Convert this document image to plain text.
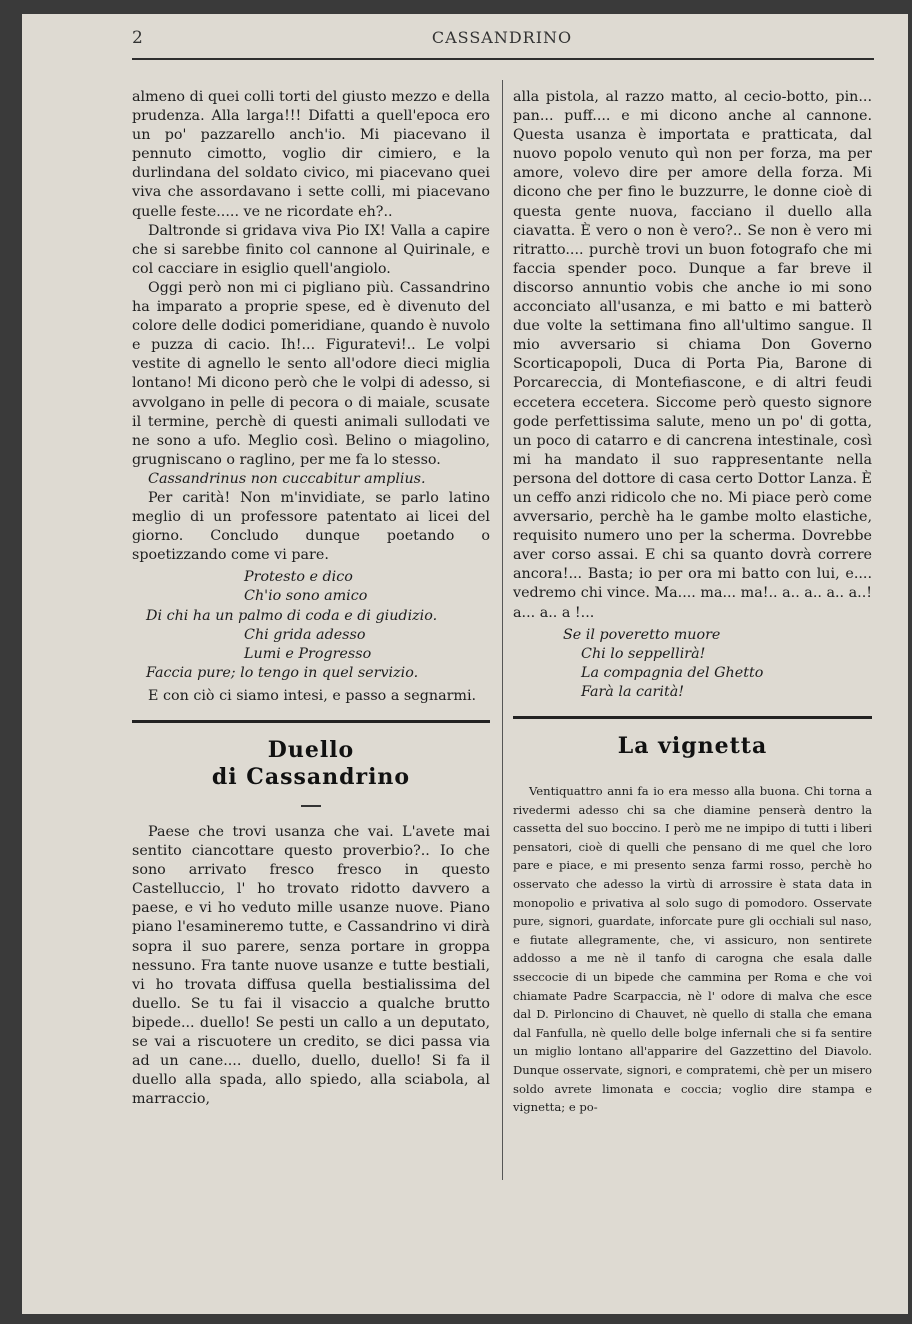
2	CASSANDRINO

almeno di quei colli torti del giusto mezzo e della prudenza. Alla larga!!! Difatti a quell'epoca ero un po' pazzarello anch'io. Mi piacevano il pennuto cimotto, voglio dir cimiero, e la durlindana del soldato civico, mi piacevano quei viva che assordavano i sette colli, mi piacevano quelle feste..... ve ne ricordate eh?..

Daltronde si gridava viva Pio IX! Valla a capire che si sarebbe finito col cannone al Quirinale, e col cacciare in esiglio quell'angiolo.

Oggi però non mi ci pigliano più. Cassandrino ha imparato a proprie spese, ed è divenuto del colore delle dodici pomeridiane, quando è nuvolo e puzza di cacio. Ih!... Figuratevi!.. Le volpi vestite di agnello le sento all'odore dieci miglia lontano! Mi dicono però che le volpi di adesso, si avvolgano in pelle di pecora o di maiale, scusate il termine, perchè di questi animali sullodati ve ne sono a ufo. Meglio così. Belino o miagolino, grugniscano o raglino, per me fa lo stesso.

Cassandrinus non cuccabitur amplius.

Per carità! Non m'invidiate, se parlo latino meglio di un professore patentato ai licei del giorno. Concludo dunque poetando o spoetizzando come vi pare.

Protesto e dico
Ch'io sono amico
Di chi ha un palmo di coda e di giudizio.
Chi grida adesso
Lumi e Progresso
Faccia pure; lo tengo in quel servizio.

E con ciò ci siamo intesi, e passo a segnarmi.

Duello
di Cassandrino

Paese che trovi usanza che vai. L'avete mai sentito ciancottare questo proverbio?.. Io che sono arrivato fresco fresco in questo Castelluccio, l' ho trovato ridotto davvero a paese, e vi ho veduto mille usanze nuove. Piano piano l'esamineremo tutte, e Cassandrino vi dirà sopra il suo parere, senza portare in groppa nessuno. Fra tante nuove usanze e tutte bestiali, vi ho trovata diffusa quella bestialissima del duello. Se tu fai il visaccio a qualche brutto bipede... duello! Se pesti un callo a un deputato, se vai a riscuotere un credito, se dici passa via ad un cane.... duello, duello, duello! Si fa il duello alla spada, allo spiedo, alla sciabola, al marraccio,

alla pistola, al razzo matto, al cecio-botto, pin... pan... puff.... e mi dicono anche al cannone. Questa usanza è importata e pratticata, dal nuovo popolo venuto quì non per forza, ma per amore, volevo dire per amore della forza. Mi dicono che per fino le buzzurre, le donne cioè di questa gente nuova, facciano il duello alla ciavatta. È vero o non è vero?.. Se non è vero mi ritratto.... purchè trovi un buon fotografo che mi faccia spender poco. Dunque a far breve il discorso annuntio vobis che anche io mi sono acconciato all'usanza, e mi batto e mi batterò due volte la settimana fino all'ultimo sangue. Il mio avversario si chiama Don Governo Scorticapopoli, Duca di Porta Pia, Barone di Porcareccia, di Montefiascone, e di altri feudi eccetera eccetera. Siccome però questo signore gode perfettissima salute, meno un po' di gotta, un poco di catarro e di cancrena intestinale, così mi ha mandato il suo rappresentante nella persona del dottore di casa certo Dottor Lanza. È un ceffo anzi ridicolo che no. Mi piace però come avversario, perchè ha le gambe molto elastiche, requisito numero uno per la scherma. Dovrebbe aver corso assai. E chi sa quanto dovrà correre ancora!... Basta; io per ora mi batto con lui, e.... vedremo chi vince. Ma.... ma... ma!.. a.. a.. a.. a..! a... a.. a !...

Se il poveretto muore
Chi lo seppellirà!
La compagnia del Ghetto
Farà la carità!
La vignetta

Ventiquattro anni fa io era messo alla buona. Chi torna a rivedermi adesso chi sa che diamine penserà dentro la cassetta del suo boccino. I però me ne impipo di tutti i liberi pensatori, cioè di quelli che pensano di me quel che loro pare e piace, e mi presento senza farmi rosso, perchè ho osservato che adesso la virtù di arrossire è stata data in monopolio e privativa al solo sugo di pomodoro. Osservate pure, signori, guardate, inforcate pure gli occhiali sul naso, e fiutate allegramente, che, vi assicuro, non sentirete addosso a me nè il tanfo di carogna che esala dalle sseccocie di un bipede che cammina per Roma e che voi chiamate Padre Scarpaccia, nè l' odore di malva che esce dal D. Pirloncino di Chauvet, nè quello di stalla che emana dal Fanfulla, nè quello delle bolge infernali che si fa sentire un miglio lontano all'apparire del Gazzettino del Diavolo. Dunque osservate, signori, e compratemi, chè per un misero soldo avrete limonata e coccia; voglio dire stampa e vignetta; e po-
